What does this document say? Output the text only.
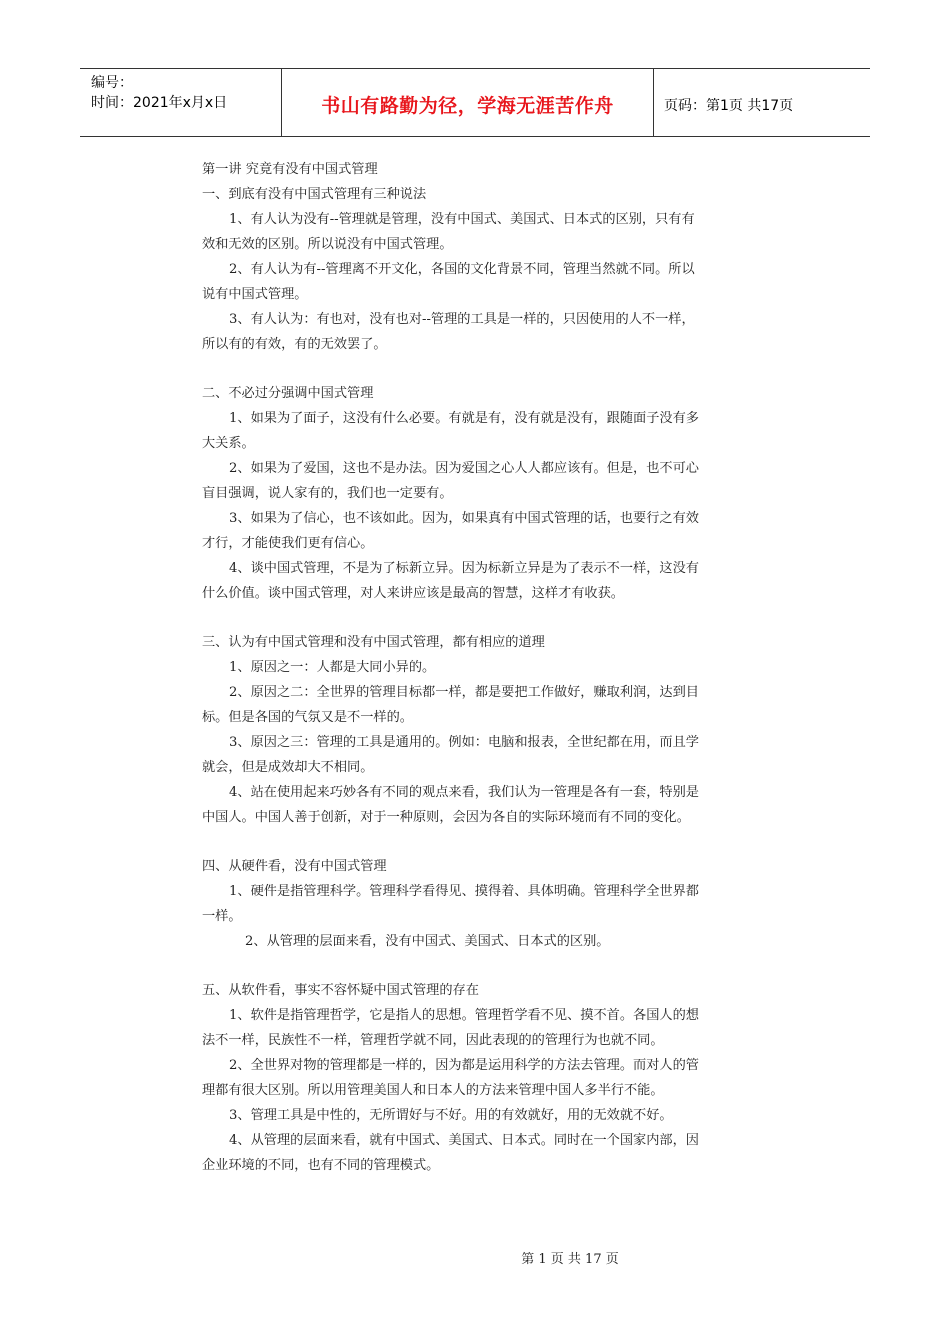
编号：
时间：2021年x月x日	书山有路勤为径，学海无涯苦作舟	页码：第1页 共17页
第一讲 究竟有没有中国式管理
一、到底有没有中国式管理有三种说法
1、有人认为没有--管理就是管理，没有中国式、美国式、日本式的区别，只有有
效和无效的区别。所以说没有中国式管理。
2、有人认为有--管理离不开文化，各国的文化背景不同，管理当然就不同。所以
说有中国式管理。
3、有人认为：有也对，没有也对--管理的工具是一样的，只因使用的人不一样，
所以有的有效，有的无效罢了。
二、不必过分强调中国式管理
1、如果为了面子，这没有什么必要。有就是有，没有就是没有，跟随面子没有多
大关系。
2、如果为了爱国，这也不是办法。因为爱国之心人人都应该有。但是，也不可心
盲目强调，说人家有的，我们也一定要有。
3、如果为了信心，也不该如此。因为，如果真有中国式管理的话，也要行之有效
才行，才能使我们更有信心。
4、谈中国式管理，不是为了标新立异。因为标新立异是为了表示不一样，这没有
什么价值。谈中国式管理，对人来讲应该是最高的智慧，这样才有收获。
三、认为有中国式管理和没有中国式管理，都有相应的道理
1、原因之一：人都是大同小异的。
2、原因之二：全世界的管理目标都一样，都是要把工作做好，赚取利润，达到目
标。但是各国的气氛又是不一样的。
3、原因之三：管理的工具是通用的。例如：电脑和报表，全世纪都在用，而且学
就会，但是成效却大不相同。
4、站在使用起来巧妙各有不同的观点来看，我们认为一管理是各有一套，特别是
中国人。中国人善于创新，对于一种原则，会因为各自的实际环境而有不同的变化。
四、从硬件看，没有中国式管理
1、硬件是指管理科学。管理科学看得见、摸得着、具体明确。管理科学全世界都
一样。
2、从管理的层面来看，没有中国式、美国式、日本式的区别。
五、从软件看，事实不容怀疑中国式管理的存在
1、软件是指管理哲学，它是指人的思想。管理哲学看不见、摸不首。各国人的想
法不一样，民族性不一样，管理哲学就不同，因此表现的的管理行为也就不同。
2、全世界对物的管理都是一样的，因为都是运用科学的方法去管理。而对人的管
理都有很大区别。所以用管理美国人和日本人的方法来管理中国人多半行不能。
3、管理工具是中性的，无所谓好与不好。用的有效就好，用的无效就不好。
4、从管理的层面来看，就有中国式、美国式、日本式。同时在一个国家内部，因
企业环境的不同，也有不同的管理模式。
第 1 页 共 17 页
